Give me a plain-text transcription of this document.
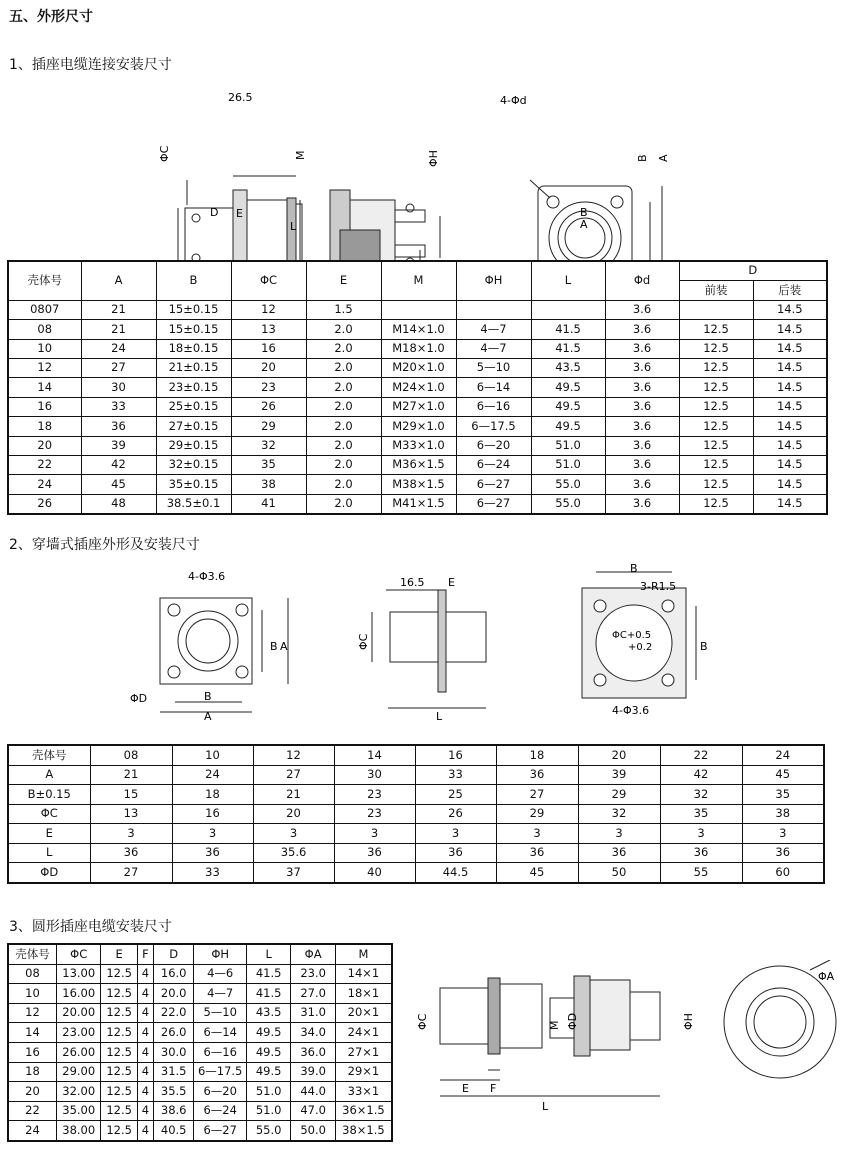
五、外形尺寸
1、插座电缆连接安装尺寸
2、穿墙式插座外形及安装尺寸
3、圆形插座电缆安装尺寸
26.5
ΦC	M
D E
L
ΦH
4-Φd
B
A
B A
壳体号	A	B	ΦC	E	M	ΦH	L	Φd	D	
									前装	后装
0807	21	15±0.15	12	1.5				3.6		14.5
08	21	15±0.15	13	2.0	M14×1.0	4—7	41.5	3.6	12.5	14.5
10	24	18±0.15	16	2.0	M18×1.0	4—7	41.5	3.6	12.5	14.5
12	27	21±0.15	20	2.0	M20×1.0	5—10	43.5	3.6	12.5	14.5
14	30	23±0.15	23	2.0	M24×1.0	6—14	49.5	3.6	12.5	14.5
16	33	25±0.15	26	2.0	M27×1.0	6—16	49.5	3.6	12.5	14.5
18	36	27±0.15	29	2.0	M29×1.0	6—17.5	49.5	3.6	12.5	14.5
20	39	29±0.15	32	2.0	M33×1.0	6—20	51.0	3.6	12.5	14.5
22	42	32±0.15	35	2.0	M36×1.5	6—24	51.0	3.6	12.5	14.5
24	45	35±0.15	38	2.0	M38×1.5	6—27	55.0	3.6	12.5	14.5
26	48	38.5±0.1	41	2.0	M41×1.5	6—27	55.0	3.6	12.5	14.5
4-Φ3.6
B
A
ΦD
B A
16.5 E
ΦC
L
B
3-R1.5
ΦC+0.5
+0.2	B
4-Φ3.6
壳体号	08	10	12	14	16	18	20	22	24
A	21	24	27	30	33	36	39	42	45
B±0.15	15	18	21	23	25	27	29	32	35
ΦC	13	16	20	23	26	29	32	35	38
E	3	3	3	3	3	3	3	3	3
L	36	36	35.6	36	36	36	36	36	36
ΦD	27	33	37	40	44.5	45	50	55	60
壳体号	ΦC	E	F	D	ΦH	L	ΦA	M
08	13.00	12.5	4	16.0	4—6	41.5	23.0	14×1
10	16.00	12.5	4	20.0	4—7	41.5	27.0	18×1
12	20.00	12.5	4	22.0	5—10	43.5	31.0	20×1
14	23.00	12.5	4	26.0	6—14	49.5	34.0	24×1
16	26.00	12.5	4	30.0	6—16	49.5	36.0	27×1
18	29.00	12.5	4	31.5	6—17.5	49.5	39.0	29×1
20	32.00	12.5	4	35.5	6—20	51.0	44.0	33×1
22	35.00	12.5	4	38.6	6—24	51.0	47.0	36×1.5
24	38.00	12.5	4	40.5	6—27	55.0	50.0	38×1.5
ΦC	M ΦD	ΦH
E F
L
ΦA
